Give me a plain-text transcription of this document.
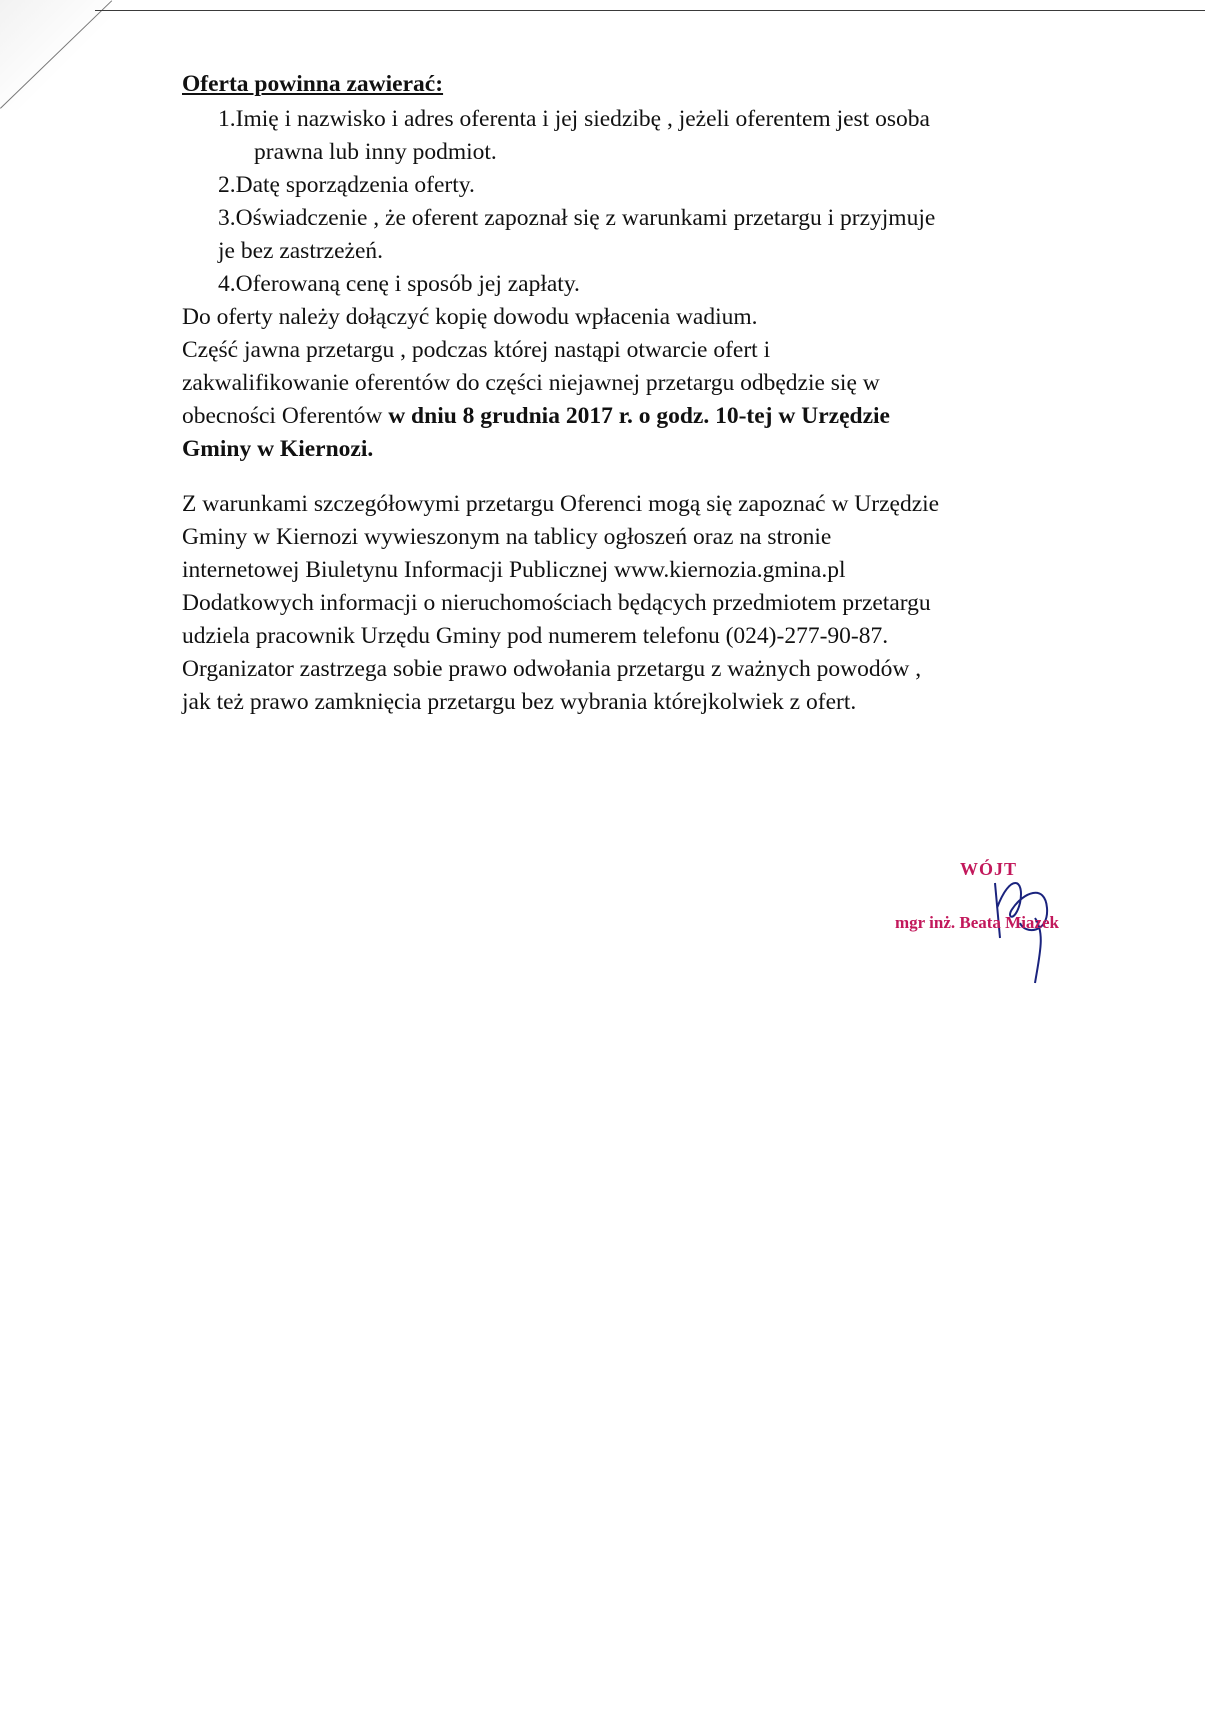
Oferta powinna zawierać:

1.Imię i nazwisko i adres oferenta i jej siedzibę , jeżeli oferentem jest osoba
prawna lub inny podmiot.
2.Datę sporządzenia oferty.
3.Oświadczenie , że oferent zapoznał się z warunkami przetargu i przyjmuje
je bez zastrzeżeń.
4.Oferowaną cenę i sposób jej zapłaty.

Do oferty należy dołączyć kopię dowodu wpłacenia wadium.

Część jawna przetargu , podczas której nastąpi otwarcie ofert i
zakwalifikowanie oferentów do części niejawnej przetargu odbędzie się w
obecności Oferentów w dniu 8 grudnia 2017 r. o godz. 10-tej w Urzędzie
Gminy w Kiernozi.

Z warunkami szczegółowymi przetargu Oferenci mogą się zapoznać w Urzędzie
Gminy w Kiernozi wywieszonym na tablicy ogłoszeń oraz na stronie
internetowej Biuletynu Informacji Publicznej www.kiernozia.gmina.pl
Dodatkowych informacji o nieruchomościach będących przedmiotem przetargu
udziela pracownik Urzędu Gminy pod numerem telefonu (024)-277-90-87.
Organizator zastrzega sobie prawo odwołania przetargu z ważnych powodów ,
jak też prawo zamknięcia przetargu bez wybrania którejkolwiek z ofert.

WÓJT
mgr inż. Beata Miazek
